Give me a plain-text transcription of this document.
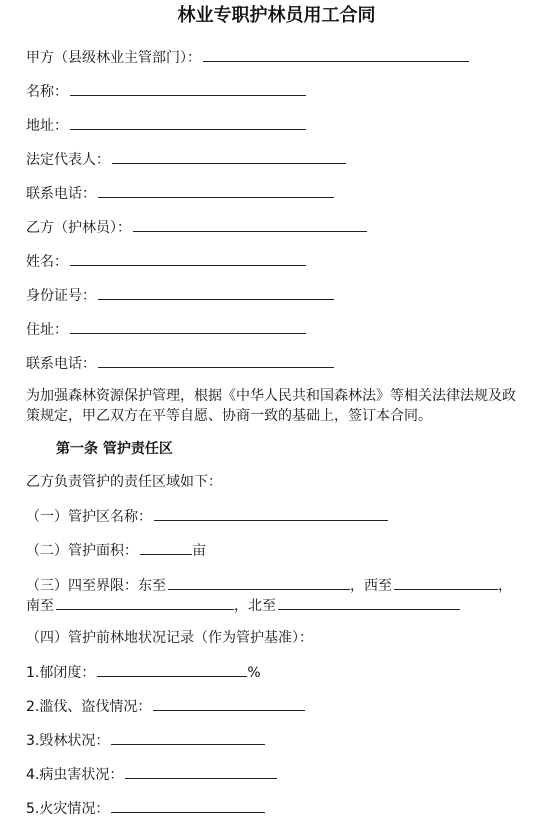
林业专职护林员用工合同
甲方（县级林业主管部门）：
名称：
地址：
法定代表人：
联系电话：
乙方（护林员）：
姓名：
身份证号：
住址：
联系电话：
为加强森林资源保护管理，根据《中华人民共和国森林法》等相关法律法规及政策规定，甲乙双方在平等自愿、协商一致的基础上，签订本合同。
第一条 管护责任区
乙方负责管护的责任区域如下：
（一）管护区名称：
（二）管护面积：	亩
（三）四至界限：东至	，西至	，
南至	，北至
（四）管护前林地状况记录（作为管护基准）：
1.郁闭度：	%
2.滥伐、盗伐情况：
3.毁林状况：
4.病虫害状况：
5.火灾情况：
